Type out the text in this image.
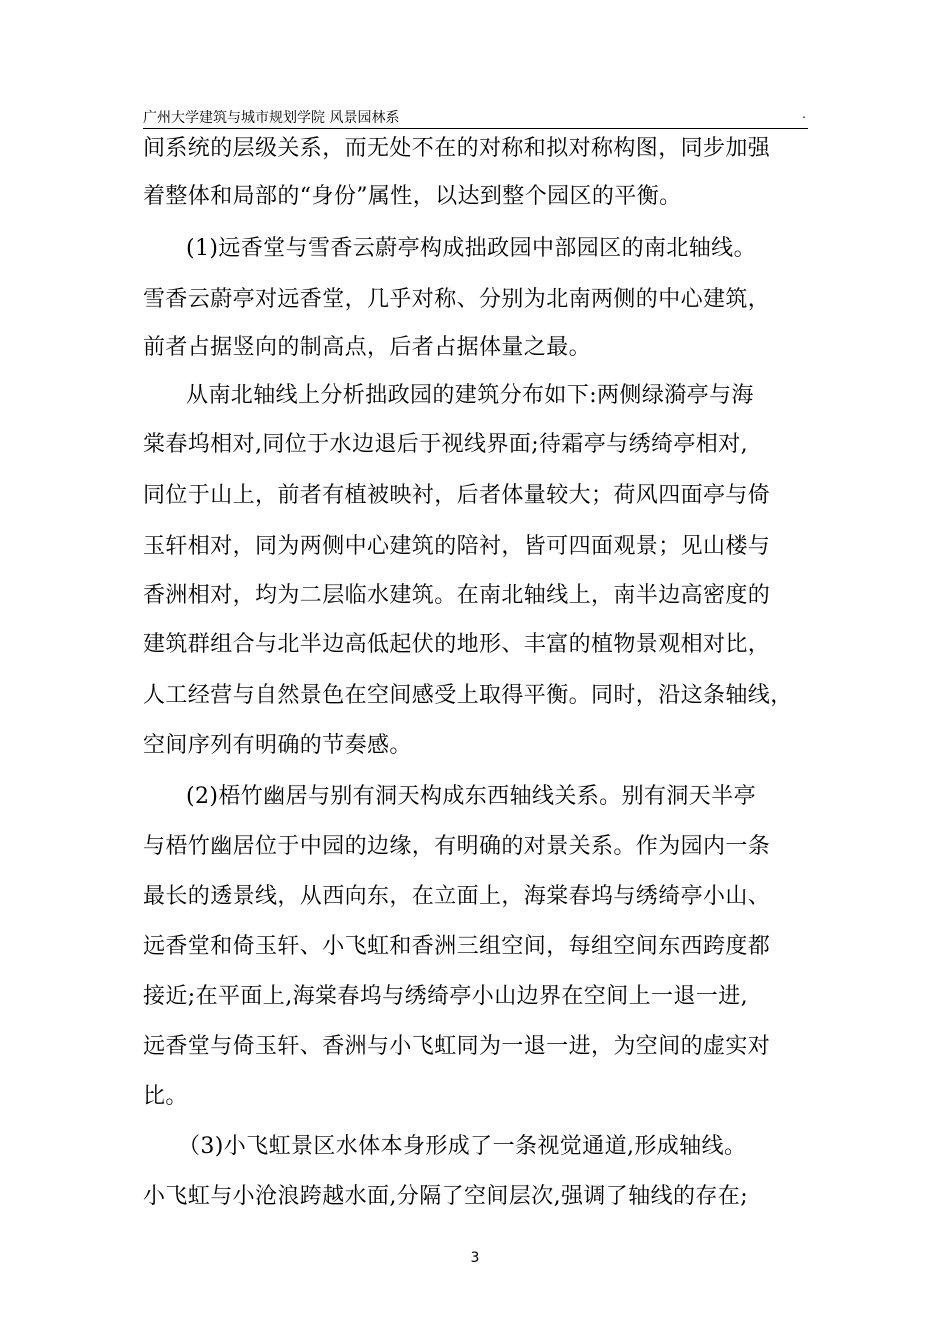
广州大学建筑与城市规划学院 风景园林系	.
间系统的层级关系，而无处不在的对称和拟对称构图，同步加强
着整体和局部的“身份”属性，以达到整个园区的平衡。
(1)远香堂与雪香云蔚亭构成拙政园中部园区的南北轴线。
雪香云蔚亭对远香堂，几乎对称、分别为北南两侧的中心建筑，
前者占据竖向的制高点，后者占据体量之最。
从南北轴线上分析拙政园的建筑分布如下:两侧绿漪亭与海
棠春坞相对,同位于水边退后于视线界面;待霜亭与绣绮亭相对,
同位于山上，前者有植被映衬，后者体量较大；荷风四面亭与倚
玉轩相对，同为两侧中心建筑的陪衬，皆可四面观景；见山楼与
香洲相对，均为二层临水建筑。在南北轴线上，南半边高密度的
建筑群组合与北半边高低起伏的地形、丰富的植物景观相对比，
人工经营与自然景色在空间感受上取得平衡。同时，沿这条轴线，
空间序列有明确的节奏感。
(2)梧竹幽居与别有洞天构成东西轴线关系。别有洞天半亭
与梧竹幽居位于中园的边缘，有明确的对景关系。作为园内一条
最长的透景线，从西向东，在立面上，海棠春坞与绣绮亭小山、
远香堂和倚玉轩、小飞虹和香洲三组空间，每组空间东西跨度都
接近;在平面上,海棠春坞与绣绮亭小山边界在空间上一退一进,
远香堂与倚玉轩、香洲与小飞虹同为一退一进，为空间的虚实对
比。
（3)小飞虹景区水体本身形成了一条视觉通道,形成轴线。
小飞虹与小沧浪跨越水面,分隔了空间层次,强调了轴线的存在;
3
